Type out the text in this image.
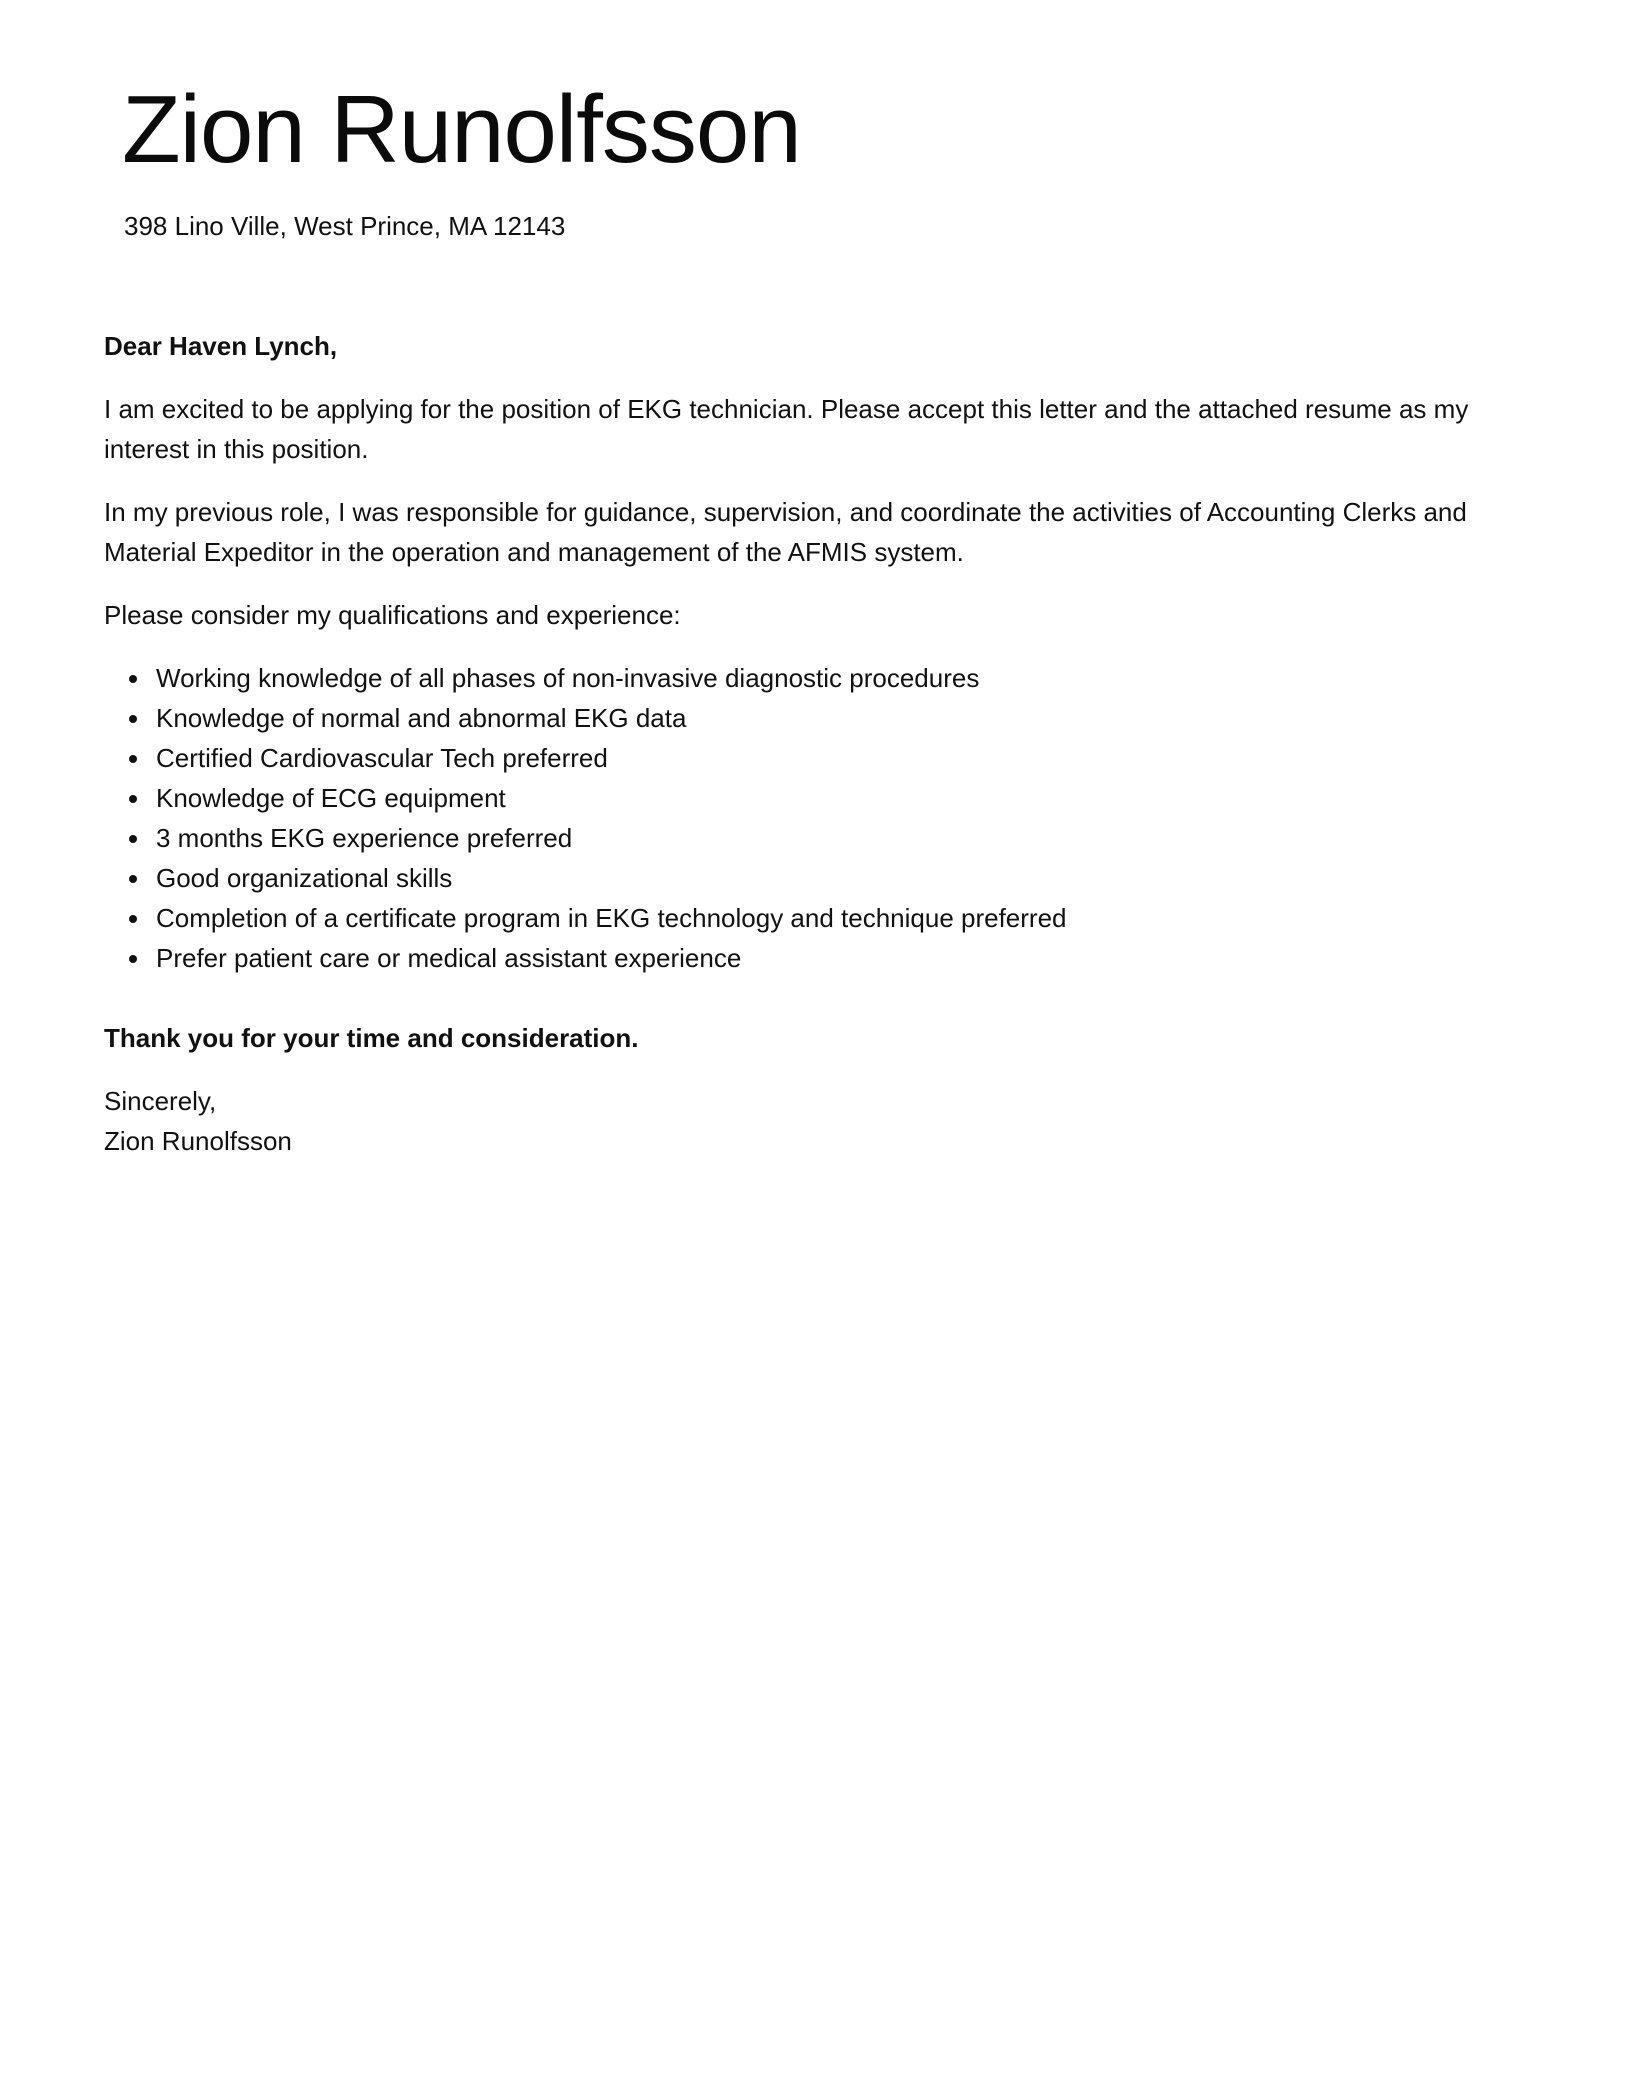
Zion Runolfsson
398 Lino Ville, West Prince, MA 12143

Dear Haven Lynch,

I am excited to be applying for the position of EKG technician. Please accept this letter and the attached resume as my interest in this position.

In my previous role, I was responsible for guidance, supervision, and coordinate the activities of Accounting Clerks and Material Expeditor in the operation and management of the AFMIS system.

Please consider my qualifications and experience:

• Working knowledge of all phases of non-invasive diagnostic procedures
• Knowledge of normal and abnormal EKG data
• Certified Cardiovascular Tech preferred
• Knowledge of ECG equipment
• 3 months EKG experience preferred
• Good organizational skills
• Completion of a certificate program in EKG technology and technique preferred
• Prefer patient care or medical assistant experience

Thank you for your time and consideration.

Sincerely,
Zion Runolfsson
